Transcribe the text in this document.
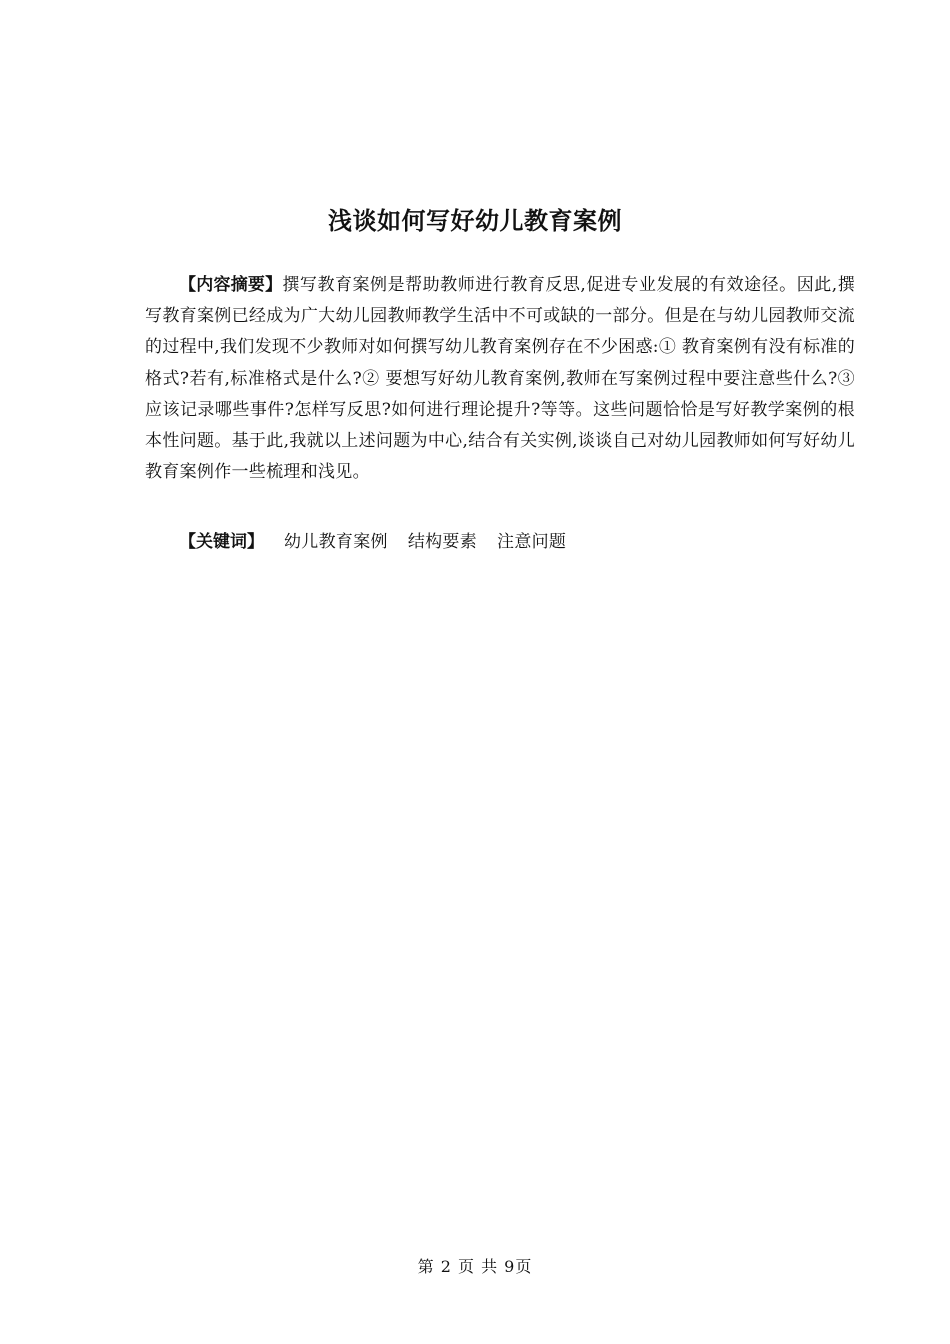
浅谈如何写好幼儿教育案例

【内容摘要】撰写教育案例是帮助教师进行教育反思,促进专业发展的有效途径。因此,撰写教育案例已经成为广大幼儿园教师教学生活中不可或缺的一部分。但是在与幼儿园教师交流的过程中,我们发现不少教师对如何撰写幼儿教育案例存在不少困惑:① 教育案例有没有标准的格式?若有,标准格式是什么?② 要想写好幼儿教育案例,教师在写案例过程中要注意些什么?③ 应该记录哪些事件?怎样写反思?如何进行理论提升?等等。这些问题恰恰是写好教学案例的根本性问题。基于此,我就以上述问题为中心,结合有关实例,谈谈自己对幼儿园教师如何写好幼儿教育案例作一些梳理和浅见。

【关键词】 幼儿教育案例 结构要素 注意问题

第 2 页 共 9页
